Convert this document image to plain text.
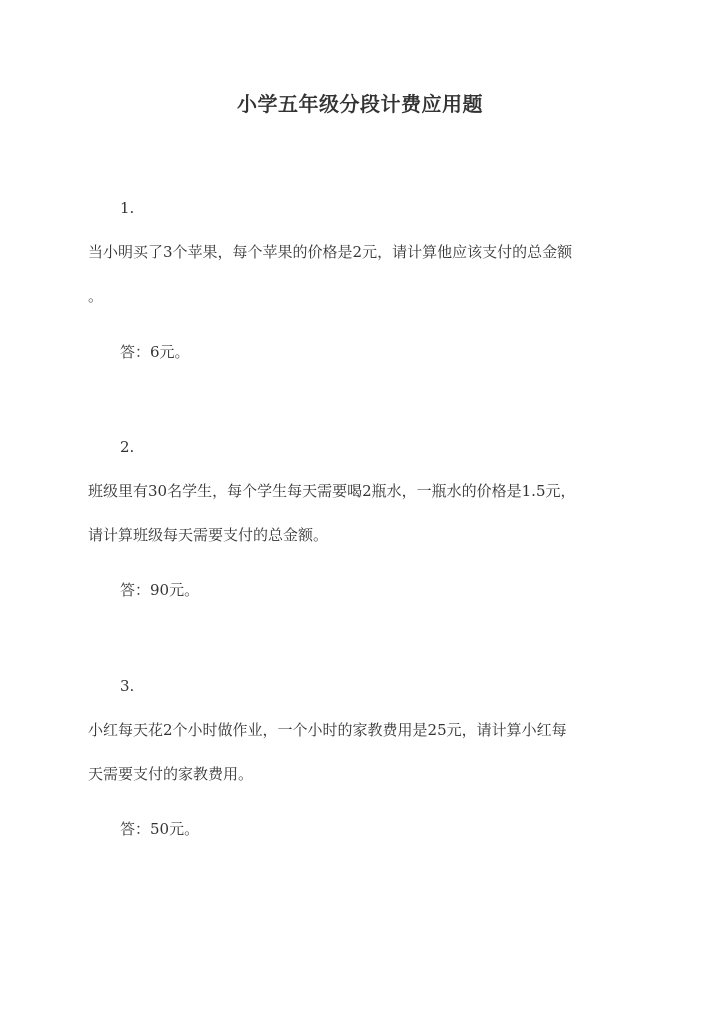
小学五年级分段计费应用题
1.
当小明买了3个苹果，每个苹果的价格是2元，请计算他应该支付的总金额
。
答：6元。
2.
班级里有30名学生，每个学生每天需要喝2瓶水，一瓶水的价格是1.5元，
请计算班级每天需要支付的总金额。
答：90元。
3.
小红每天花2个小时做作业，一个小时的家教费用是25元，请计算小红每
天需要支付的家教费用。
答：50元。
